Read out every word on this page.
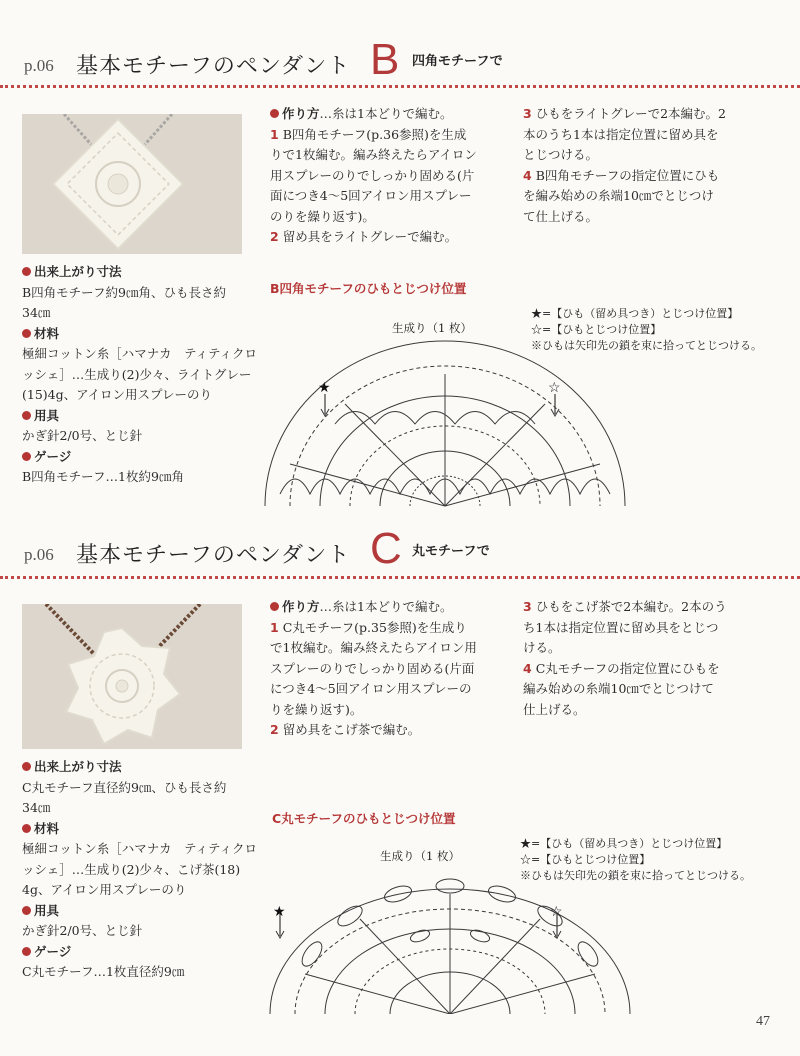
p.06 基本モチーフのペンダント B 四角モチーフで
出来上がり寸法
B四角モチーフ約9㎝角、ひも長さ約
34㎝
材料
極細コットン糸［ハマナカ　ティティクロ
ッシェ］…生成り(2)少々、ライトグレー
(15)4g、アイロン用スプレーのり
用具
かぎ針2/0号、とじ針
ゲージ
B四角モチーフ…1枚約9㎝角
作り方…糸は1本どりで編む。
1 B四角モチーフ(p.36参照)を生成
りで1枚編む。編み終えたらアイロン
用スプレーのりでしっかり固める(片
面につき4～5回アイロン用スプレー
のりを繰り返す)。
2 留め具をライトグレーで編む。
3 ひもをライトグレーで2本編む。2
本のうち1本は指定位置に留め具を
とじつける。
4 B四角モチーフの指定位置にひも
を編み始めの糸端10㎝でとじつけ
て仕上げる。
B四角モチーフのひもとじつけ位置
生成り（1 枚）
★=【ひも（留め具つき）とじつけ位置】
☆=【ひもとじつけ位置】
※ひもは矢印先の鎖を束に拾ってとじつける。
★	☆
p.06 基本モチーフのペンダント C 丸モチーフで
出来上がり寸法
C丸モチーフ直径約9㎝、ひも長さ約
34㎝
材料
極細コットン糸［ハマナカ　ティティクロ
ッシェ］…生成り(2)少々、こげ茶(18)
4g、アイロン用スプレーのり
用具
かぎ針2/0号、とじ針
ゲージ
C丸モチーフ…1枚直径約9㎝
作り方…糸は1本どりで編む。
1 C丸モチーフ(p.35参照)を生成り
で1枚編む。編み終えたらアイロン用
スプレーのりでしっかり固める(片面
につき4～5回アイロン用スプレーの
りを繰り返す)。
2 留め具をこげ茶で編む。
3 ひもをこげ茶で2本編む。2本のう
ち1本は指定位置に留め具をとじつ
ける。
4 C丸モチーフの指定位置にひもを
編み始めの糸端10㎝でとじつけて
仕上げる。
C丸モチーフのひもとじつけ位置
生成り（1 枚）
★=【ひも（留め具つき）とじつけ位置】
☆=【ひもとじつけ位置】
※ひもは矢印先の鎖を束に拾ってとじつける。
★	☆
47
